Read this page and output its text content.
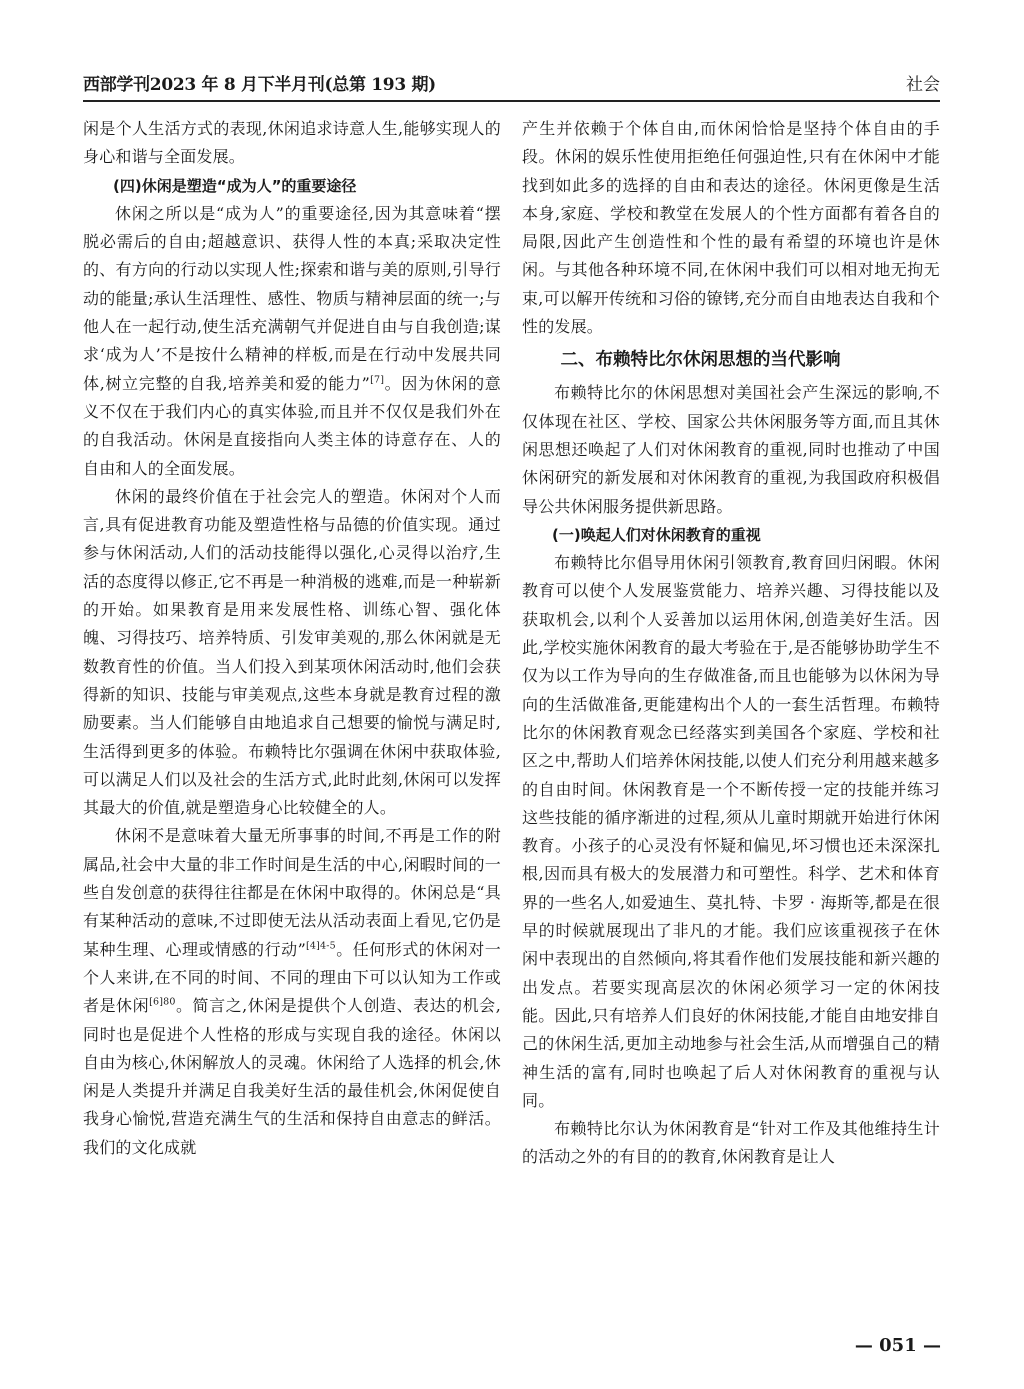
西部学刊2023 年 8 月下半月刊(总第 193 期)	社会

闲是个人生活方式的表现,休闲追求诗意人生,能够实现人的身心和谐与全面发展。

(四)休闲是塑造“成为人”的重要途径

休闲之所以是“成为人”的重要途径,因为其意味着“摆脱必需后的自由;超越意识、获得人性的本真;采取决定性的、有方向的行动以实现人性;探索和谐与美的原则,引导行动的能量;承认生活理性、感性、物质与精神层面的统一;与他人在一起行动,使生活充满朝气并促进自由与自我创造;谋求‘成为人’不是按什么精神的样板,而是在行动中发展共同体,树立完整的自我,培养美和爱的能力”[7]。因为休闲的意义不仅在于我们内心的真实体验,而且并不仅仅是我们外在的自我活动。休闲是直接指向人类主体的诗意存在、人的自由和人的全面发展。

休闲的最终价值在于社会完人的塑造。休闲对个人而言,具有促进教育功能及塑造性格与品德的价值实现。通过参与休闲活动,人们的活动技能得以强化,心灵得以治疗,生活的态度得以修正,它不再是一种消极的逃难,而是一种崭新的开始。如果教育是用来发展性格、训练心智、强化体魄、习得技巧、培养特质、引发审美观的,那么休闲就是无数教育性的价值。当人们投入到某项休闲活动时,他们会获得新的知识、技能与审美观点,这些本身就是教育过程的激励要素。当人们能够自由地追求自己想要的愉悦与满足时,生活得到更多的体验。布赖特比尔强调在休闲中获取体验,可以满足人们以及社会的生活方式,此时此刻,休闲可以发挥其最大的价值,就是塑造身心比较健全的人。

休闲不是意味着大量无所事事的时间,不再是工作的附属品,社会中大量的非工作时间是生活的中心,闲暇时间的一些自发创意的获得往往都是在休闲中取得的。休闲总是“具有某种活动的意味,不过即使无法从活动表面上看见,它仍是某种生理、心理或情感的行动”$^{[4]4-5}$。任何形式的休闲对一个人来讲,在不同的时间、不同的理由下可以认知为工作或者是休闲$^{[6]80}$。简言之,休闲是提供个人创造、表达的机会,同时也是促进个人性格的形成与实现自我的途径。休闲以自由为核心,休闲解放人的灵魂。休闲给了人选择的机会,休闲是人类提升并满足自我美好生活的最佳机会,休闲促使自我身心愉悦,营造充满生气的生活和保持自由意志的鲜活。我们的文化成就

产生并依赖于个体自由,而休闲恰恰是坚持个体自由的手段。休闲的娱乐性使用拒绝任何强迫性,只有在休闲中才能找到如此多的选择的自由和表达的途径。休闲更像是生活本身,家庭、学校和教堂在发展人的个性方面都有着各自的局限,因此产生创造性和个性的最有希望的环境也许是休闲。与其他各种环境不同,在休闲中我们可以相对地无拘无束,可以解开传统和习俗的镣铐,充分而自由地表达自我和个性的发展。

二、布赖特比尔休闲思想的当代影响

布赖特比尔的休闲思想对美国社会产生深远的影响,不仅体现在社区、学校、国家公共休闲服务等方面,而且其休闲思想还唤起了人们对休闲教育的重视,同时也推动了中国休闲研究的新发展和对休闲教育的重视,为我国政府积极倡导公共休闲服务提供新思路。

(一)唤起人们对休闲教育的重视

布赖特比尔倡导用休闲引领教育,教育回归闲暇。休闲教育可以使个人发展鉴赏能力、培养兴趣、习得技能以及获取机会,以利个人妥善加以运用休闲,创造美好生活。因此,学校实施休闲教育的最大考验在于,是否能够协助学生不仅为以工作为导向的生存做准备,而且也能够为以休闲为导向的生活做准备,更能建构出个人的一套生活哲理。布赖特比尔的休闲教育观念已经落实到美国各个家庭、学校和社区之中,帮助人们培养休闲技能,以使人们充分利用越来越多的自由时间。休闲教育是一个不断传授一定的技能并练习这些技能的循序渐进的过程,须从儿童时期就开始进行休闲教育。小孩子的心灵没有怀疑和偏见,坏习惯也还未深深扎根,因而具有极大的发展潜力和可塑性。科学、艺术和体育界的一些名人,如爱迪生、莫扎特、卡罗 · 海斯等,都是在很早的时候就展现出了非凡的才能。我们应该重视孩子在休闲中表现出的自然倾向,将其看作他们发展技能和新兴趣的出发点。若要实现高层次的休闲必须学习一定的休闲技能。因此,只有培养人们良好的休闲技能,才能自由地安排自己的休闲生活,更加主动地参与社会生活,从而增强自己的精神生活的富有,同时也唤起了后人对休闲教育的重视与认同。

布赖特比尔认为休闲教育是“针对工作及其他维持生计的活动之外的有目的的教育,休闲教育是让人

— 051 —
